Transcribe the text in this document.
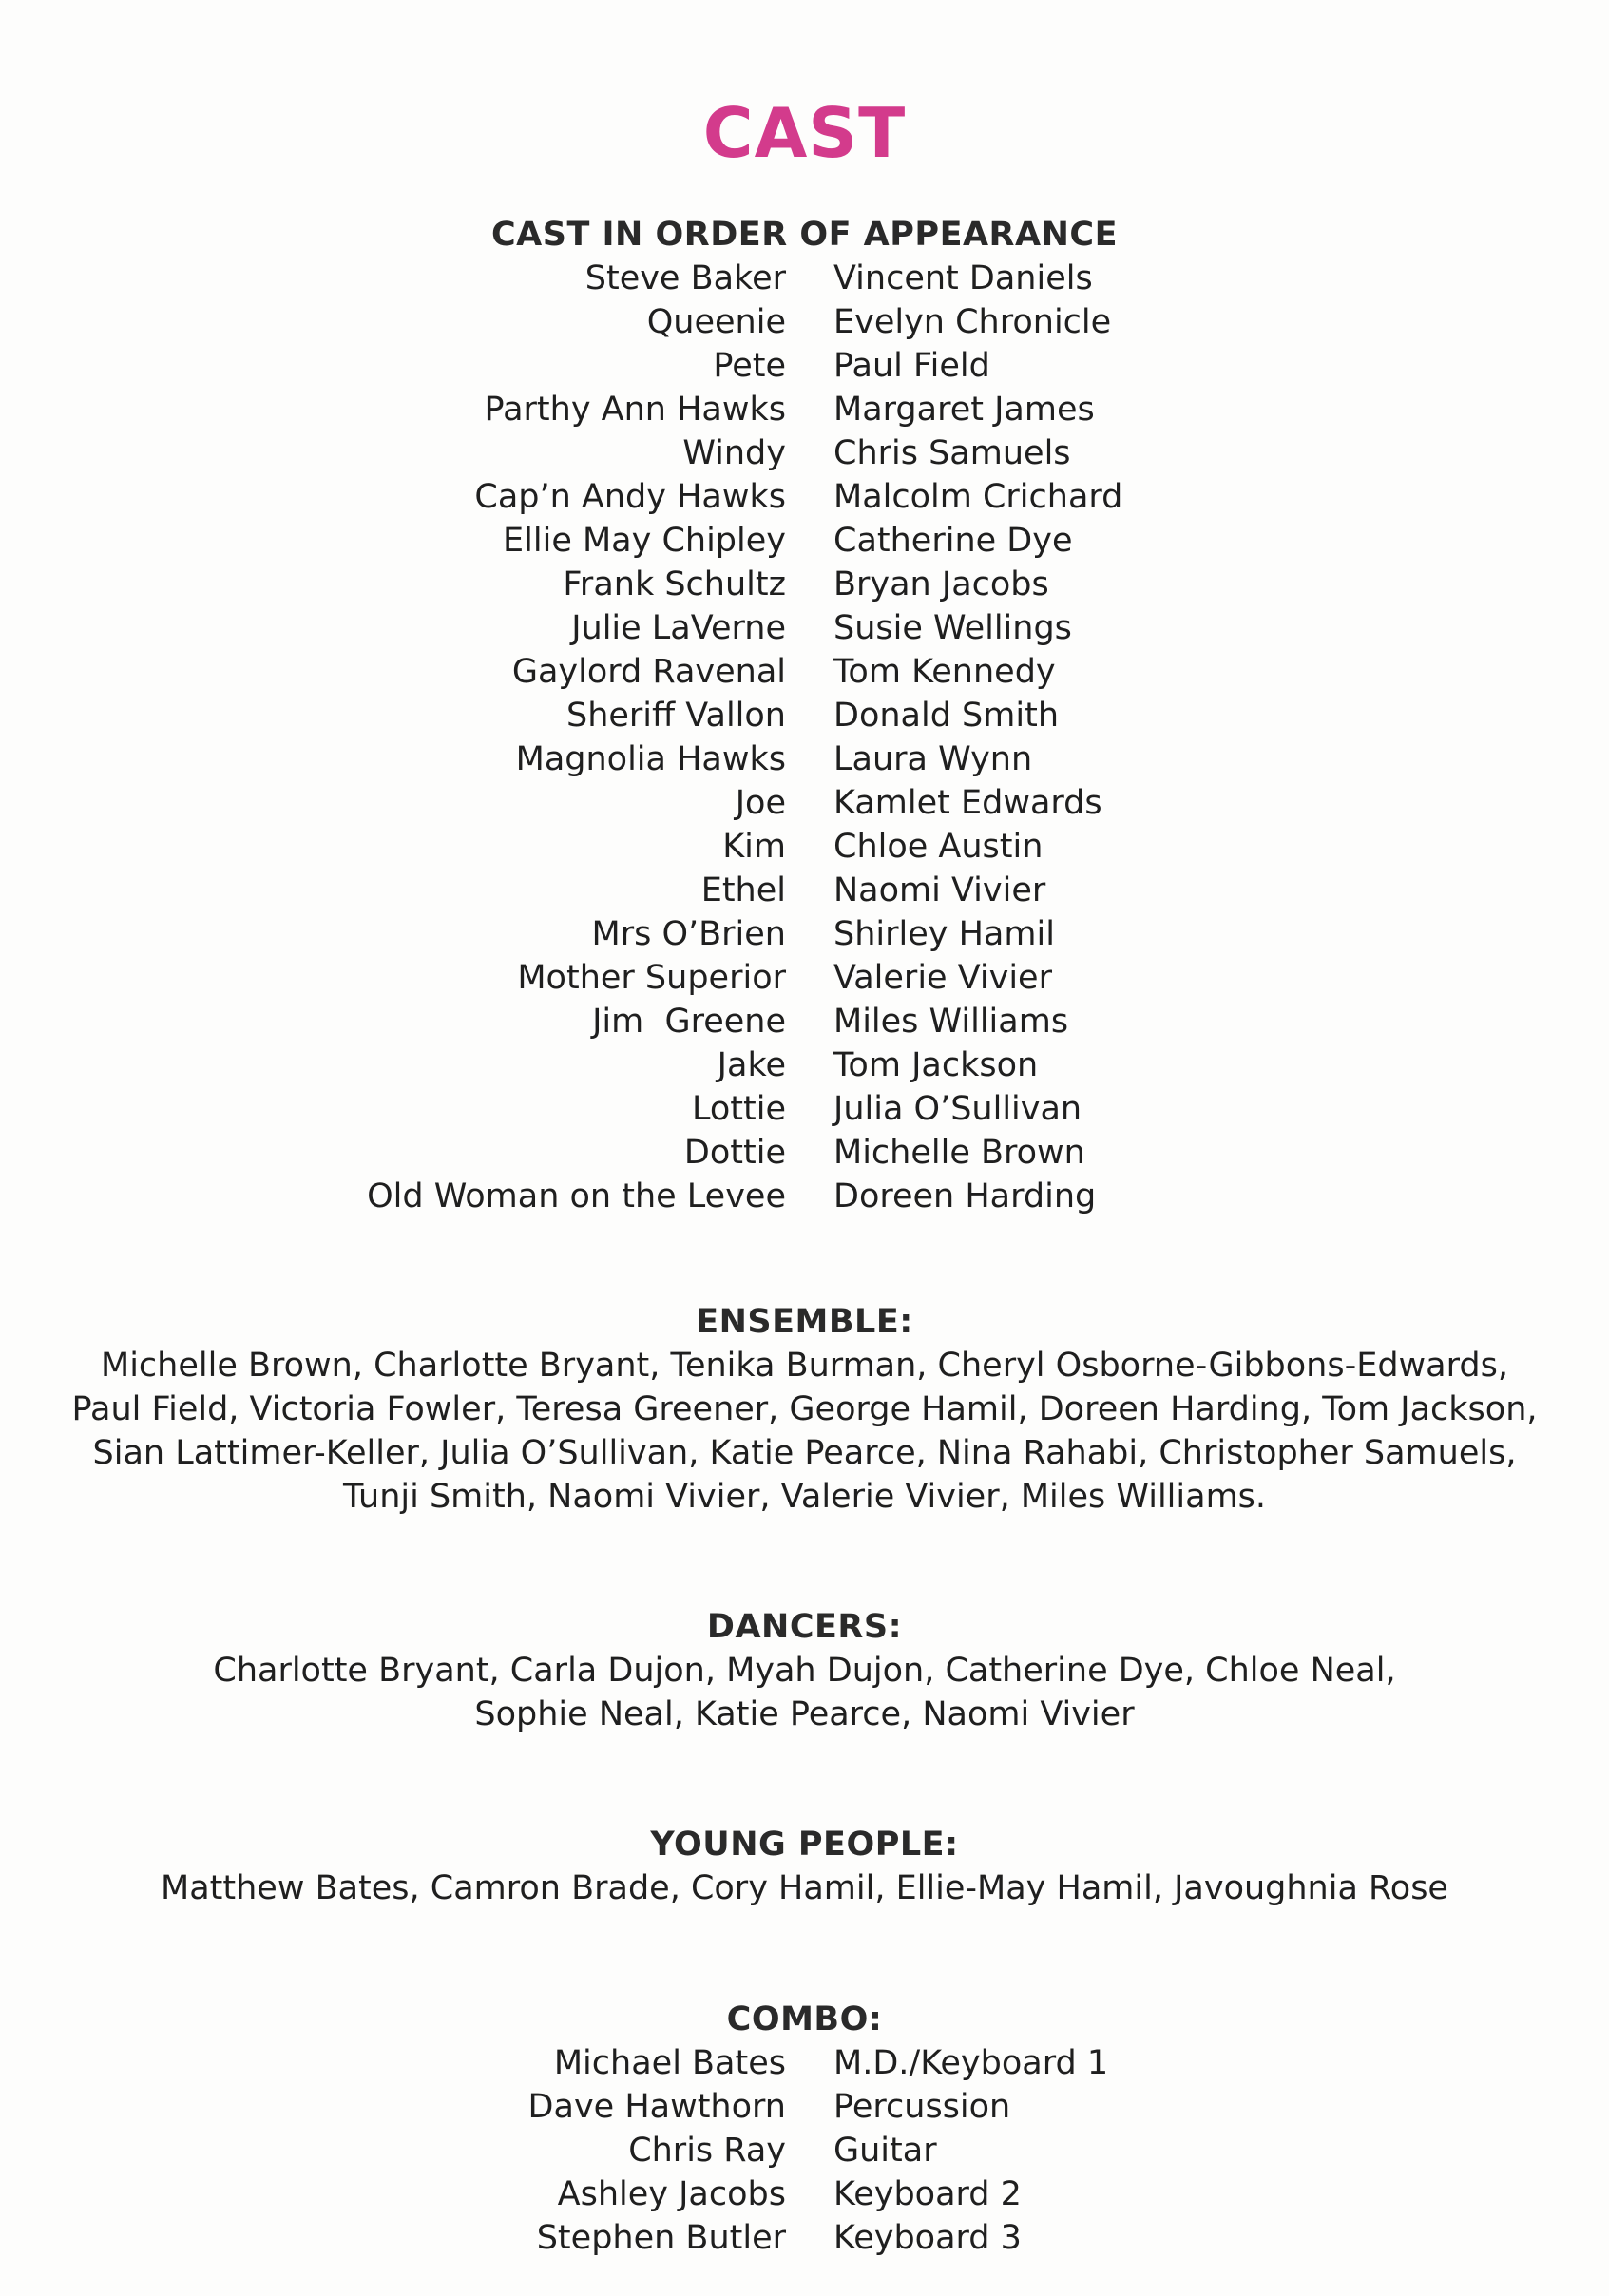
CAST
CAST IN ORDER OF APPEARANCE
Steve Baker Vincent Daniels
Queenie Evelyn Chronicle
Pete Paul Field
Parthy Ann Hawks Margaret James
Windy Chris Samuels
Cap’n Andy Hawks Malcolm Crichard
Ellie May Chipley Catherine Dye
Frank Schultz Bryan Jacobs
Julie LaVerne Susie Wellings
Gaylord Ravenal Tom Kennedy
Sheriff Vallon Donald Smith
Magnolia Hawks Laura Wynn
Joe Kamlet Edwards
Kim Chloe Austin
Ethel Naomi Vivier
Mrs O’Brien Shirley Hamil
Mother Superior Valerie Vivier
Jim  Greene Miles Williams
Jake Tom Jackson
Lottie Julia O’Sullivan
Dottie Michelle Brown
Old Woman on the Levee Doreen Harding
ENSEMBLE:
Michelle Brown, Charlotte Bryant, Tenika Burman, Cheryl Osborne-Gibbons-Edwards,
Paul Field, Victoria Fowler, Teresa Greener, George Hamil, Doreen Harding, Tom Jackson,
Sian Lattimer-Keller, Julia O’Sullivan, Katie Pearce, Nina Rahabi, Christopher Samuels,
Tunji Smith, Naomi Vivier, Valerie Vivier, Miles Williams.
DANCERS:
Charlotte Bryant, Carla Dujon, Myah Dujon, Catherine Dye, Chloe Neal,
Sophie Neal, Katie Pearce, Naomi Vivier
YOUNG PEOPLE:
Matthew Bates, Camron Brade, Cory Hamil, Ellie-May Hamil, Javoughnia Rose
COMBO:
Michael Bates M.D./Keyboard 1
Dave Hawthorn Percussion
Chris Ray Guitar
Ashley Jacobs Keyboard 2
Stephen Butler Keyboard 3
